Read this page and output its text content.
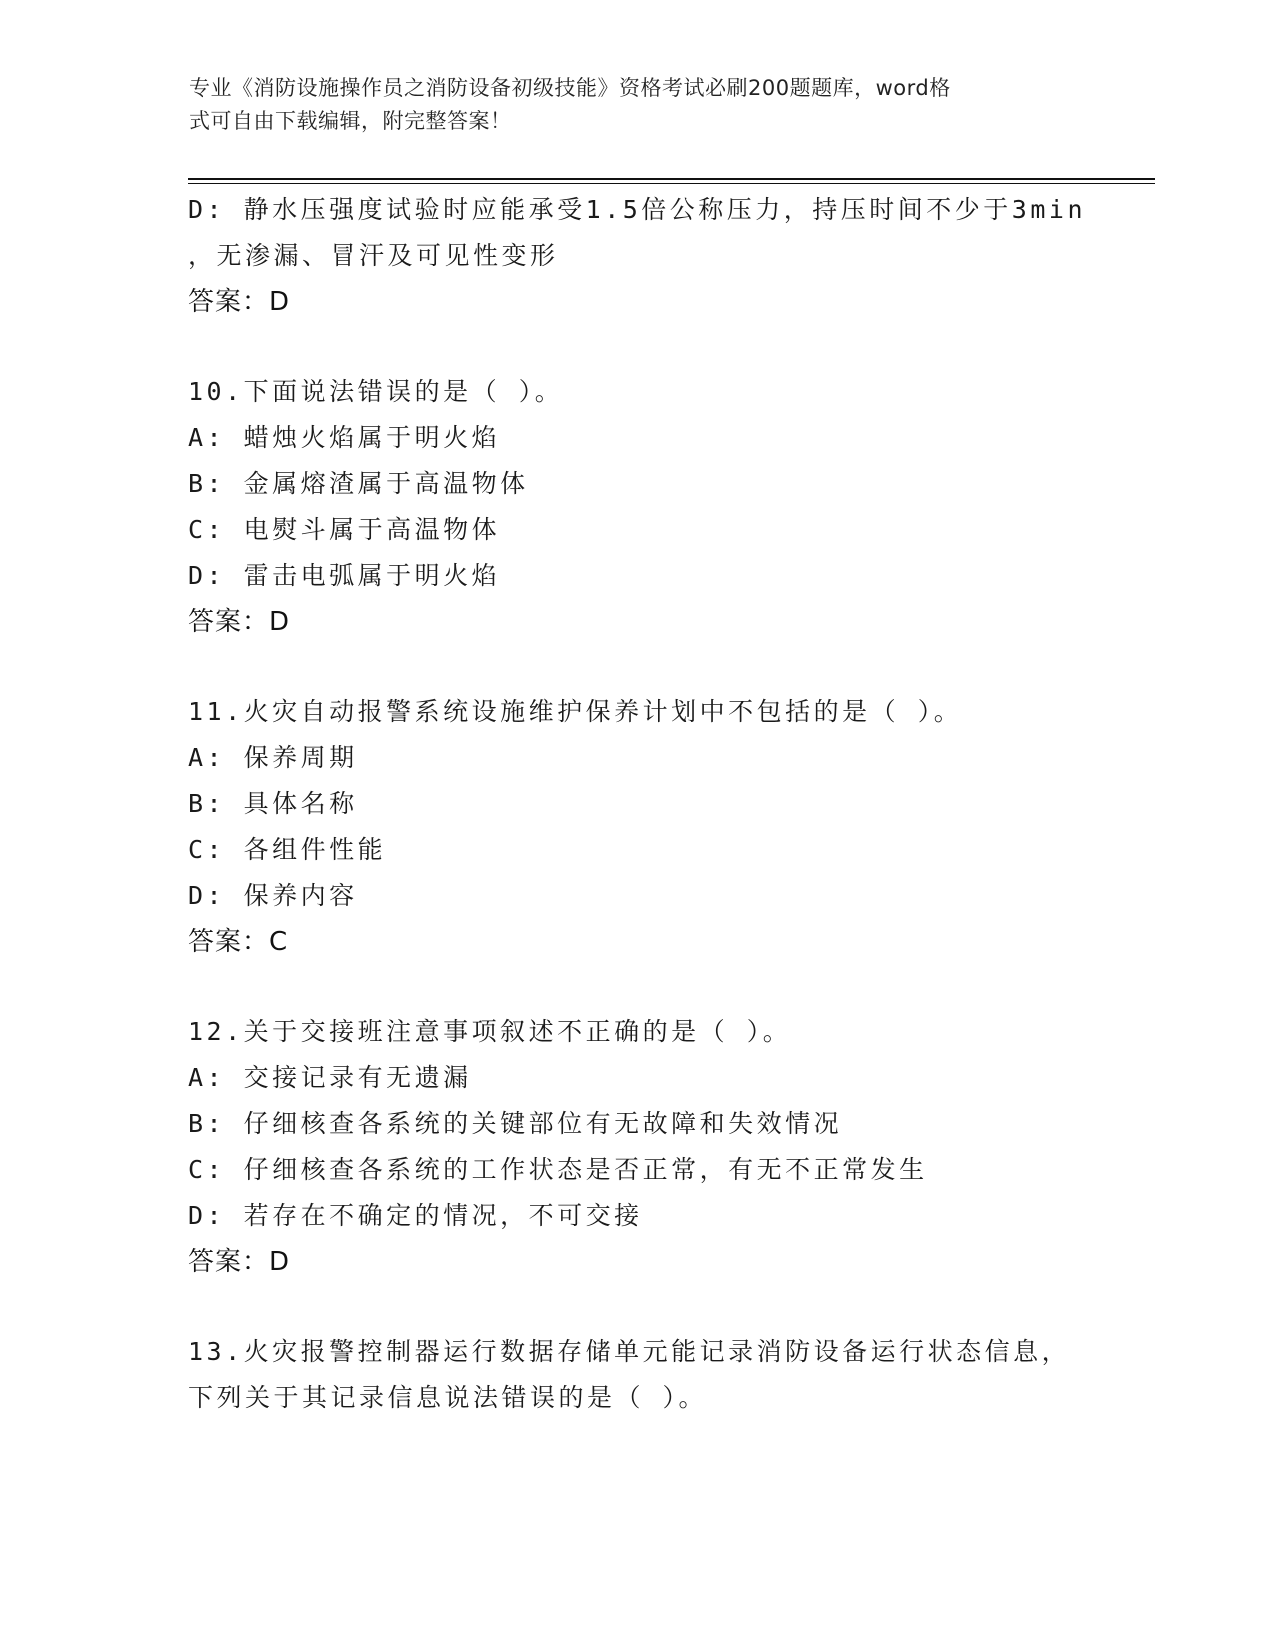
专业《消防设施操作员之消防设备初级技能》资格考试必刷200题题库，word格
式可自由下载编辑，附完整答案！
D: 静水压强度试验时应能承受1.5倍公称压力，持压时间不少于3min
，无渗漏、冒汗及可见性变形
答案：D
10.下面说法错误的是（ ）。
A: 蜡烛火焰属于明火焰
B: 金属熔渣属于高温物体
C: 电熨斗属于高温物体
D: 雷击电弧属于明火焰
答案：D
11.火灾自动报警系统设施维护保养计划中不包括的是（ ）。
A: 保养周期
B: 具体名称
C: 各组件性能
D: 保养内容
答案：C
12.关于交接班注意事项叙述不正确的是（ ）。
A: 交接记录有无遗漏
B: 仔细核查各系统的关键部位有无故障和失效情况
C: 仔细核查各系统的工作状态是否正常，有无不正常发生
D: 若存在不确定的情况，不可交接
答案：D
13.火灾报警控制器运行数据存储单元能记录消防设备运行状态信息，
下列关于其记录信息说法错误的是（ ）。
